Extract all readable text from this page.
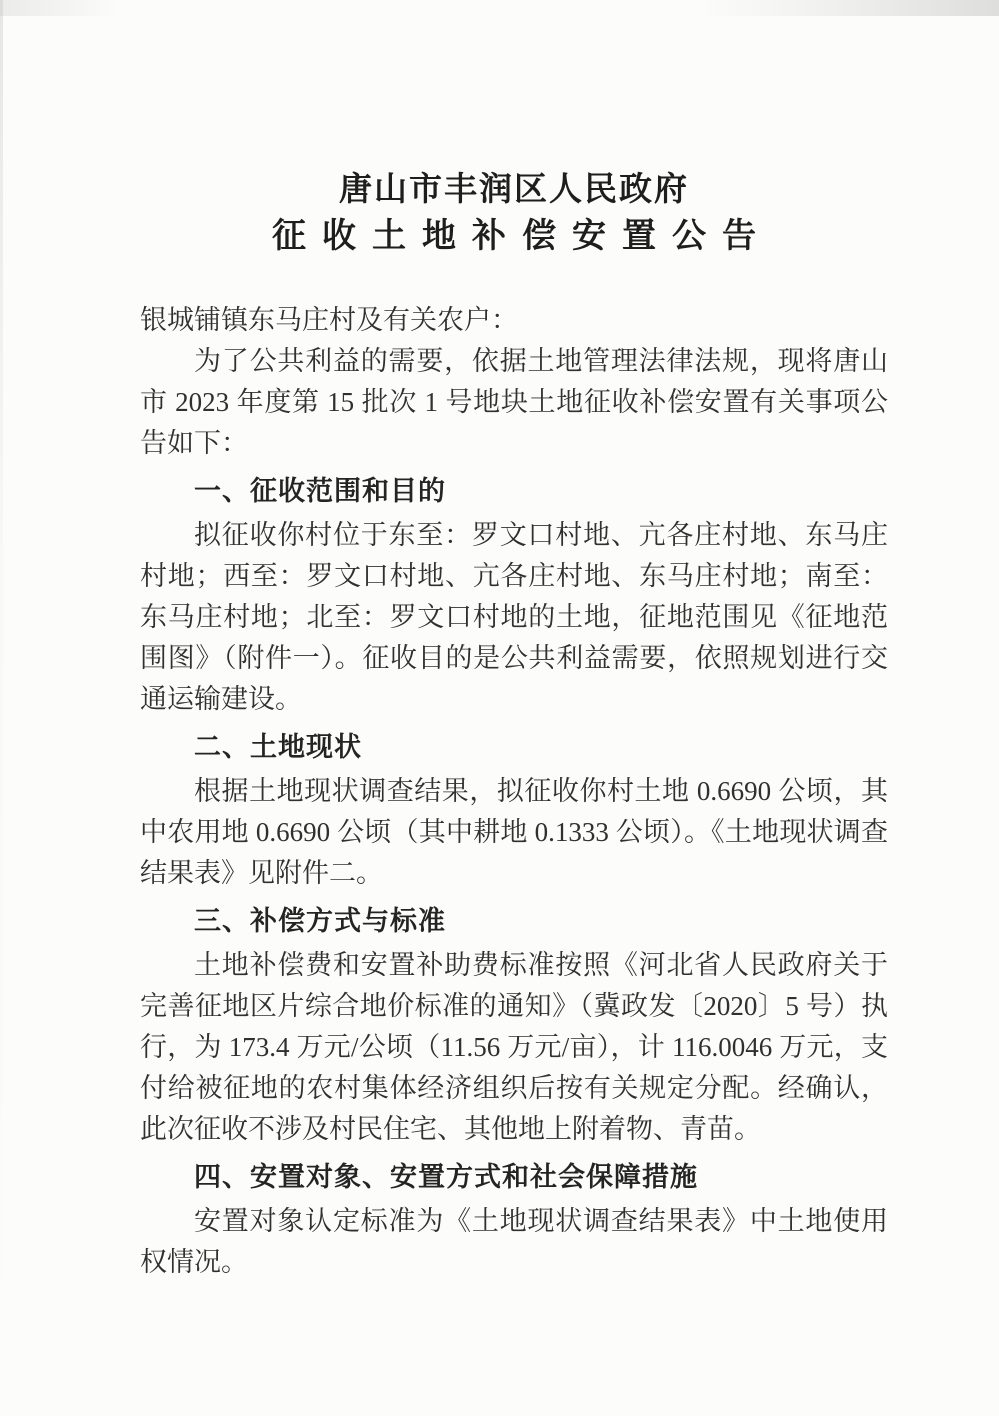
唐山市丰润区人民政府
征收土地补偿安置公告

银城铺镇东马庄村及有关农户：

为了公共利益的需要，依据土地管理法律法规，现将唐山市 2023 年度第 15 批次 1 号地块土地征收补偿安置有关事项公告如下：

一、征收范围和目的

拟征收你村位于东至：罗文口村地、亢各庄村地、东马庄村地；西至：罗文口村地、亢各庄村地、东马庄村地；南至：东马庄村地；北至：罗文口村地的土地，征地范围见《征地范围图》（附件一）。征收目的是公共利益需要，依照规划进行交通运输建设。

二、土地现状

根据土地现状调查结果，拟征收你村土地 0.6690 公顷，其中农用地 0.6690 公顷（其中耕地 0.1333 公顷）。《土地现状调查结果表》见附件二。

三、补偿方式与标准

土地补偿费和安置补助费标准按照《河北省人民政府关于完善征地区片综合地价标准的通知》（冀政发〔2020〕5 号）执行，为 173.4 万元/公顷（11.56 万元/亩），计 116.0046 万元，支付给被征地的农村集体经济组织后按有关规定分配。经确认，此次征收不涉及村民住宅、其他地上附着物、青苗。

四、安置对象、安置方式和社会保障措施

安置对象认定标准为《土地现状调查结果表》中土地使用权情况。
